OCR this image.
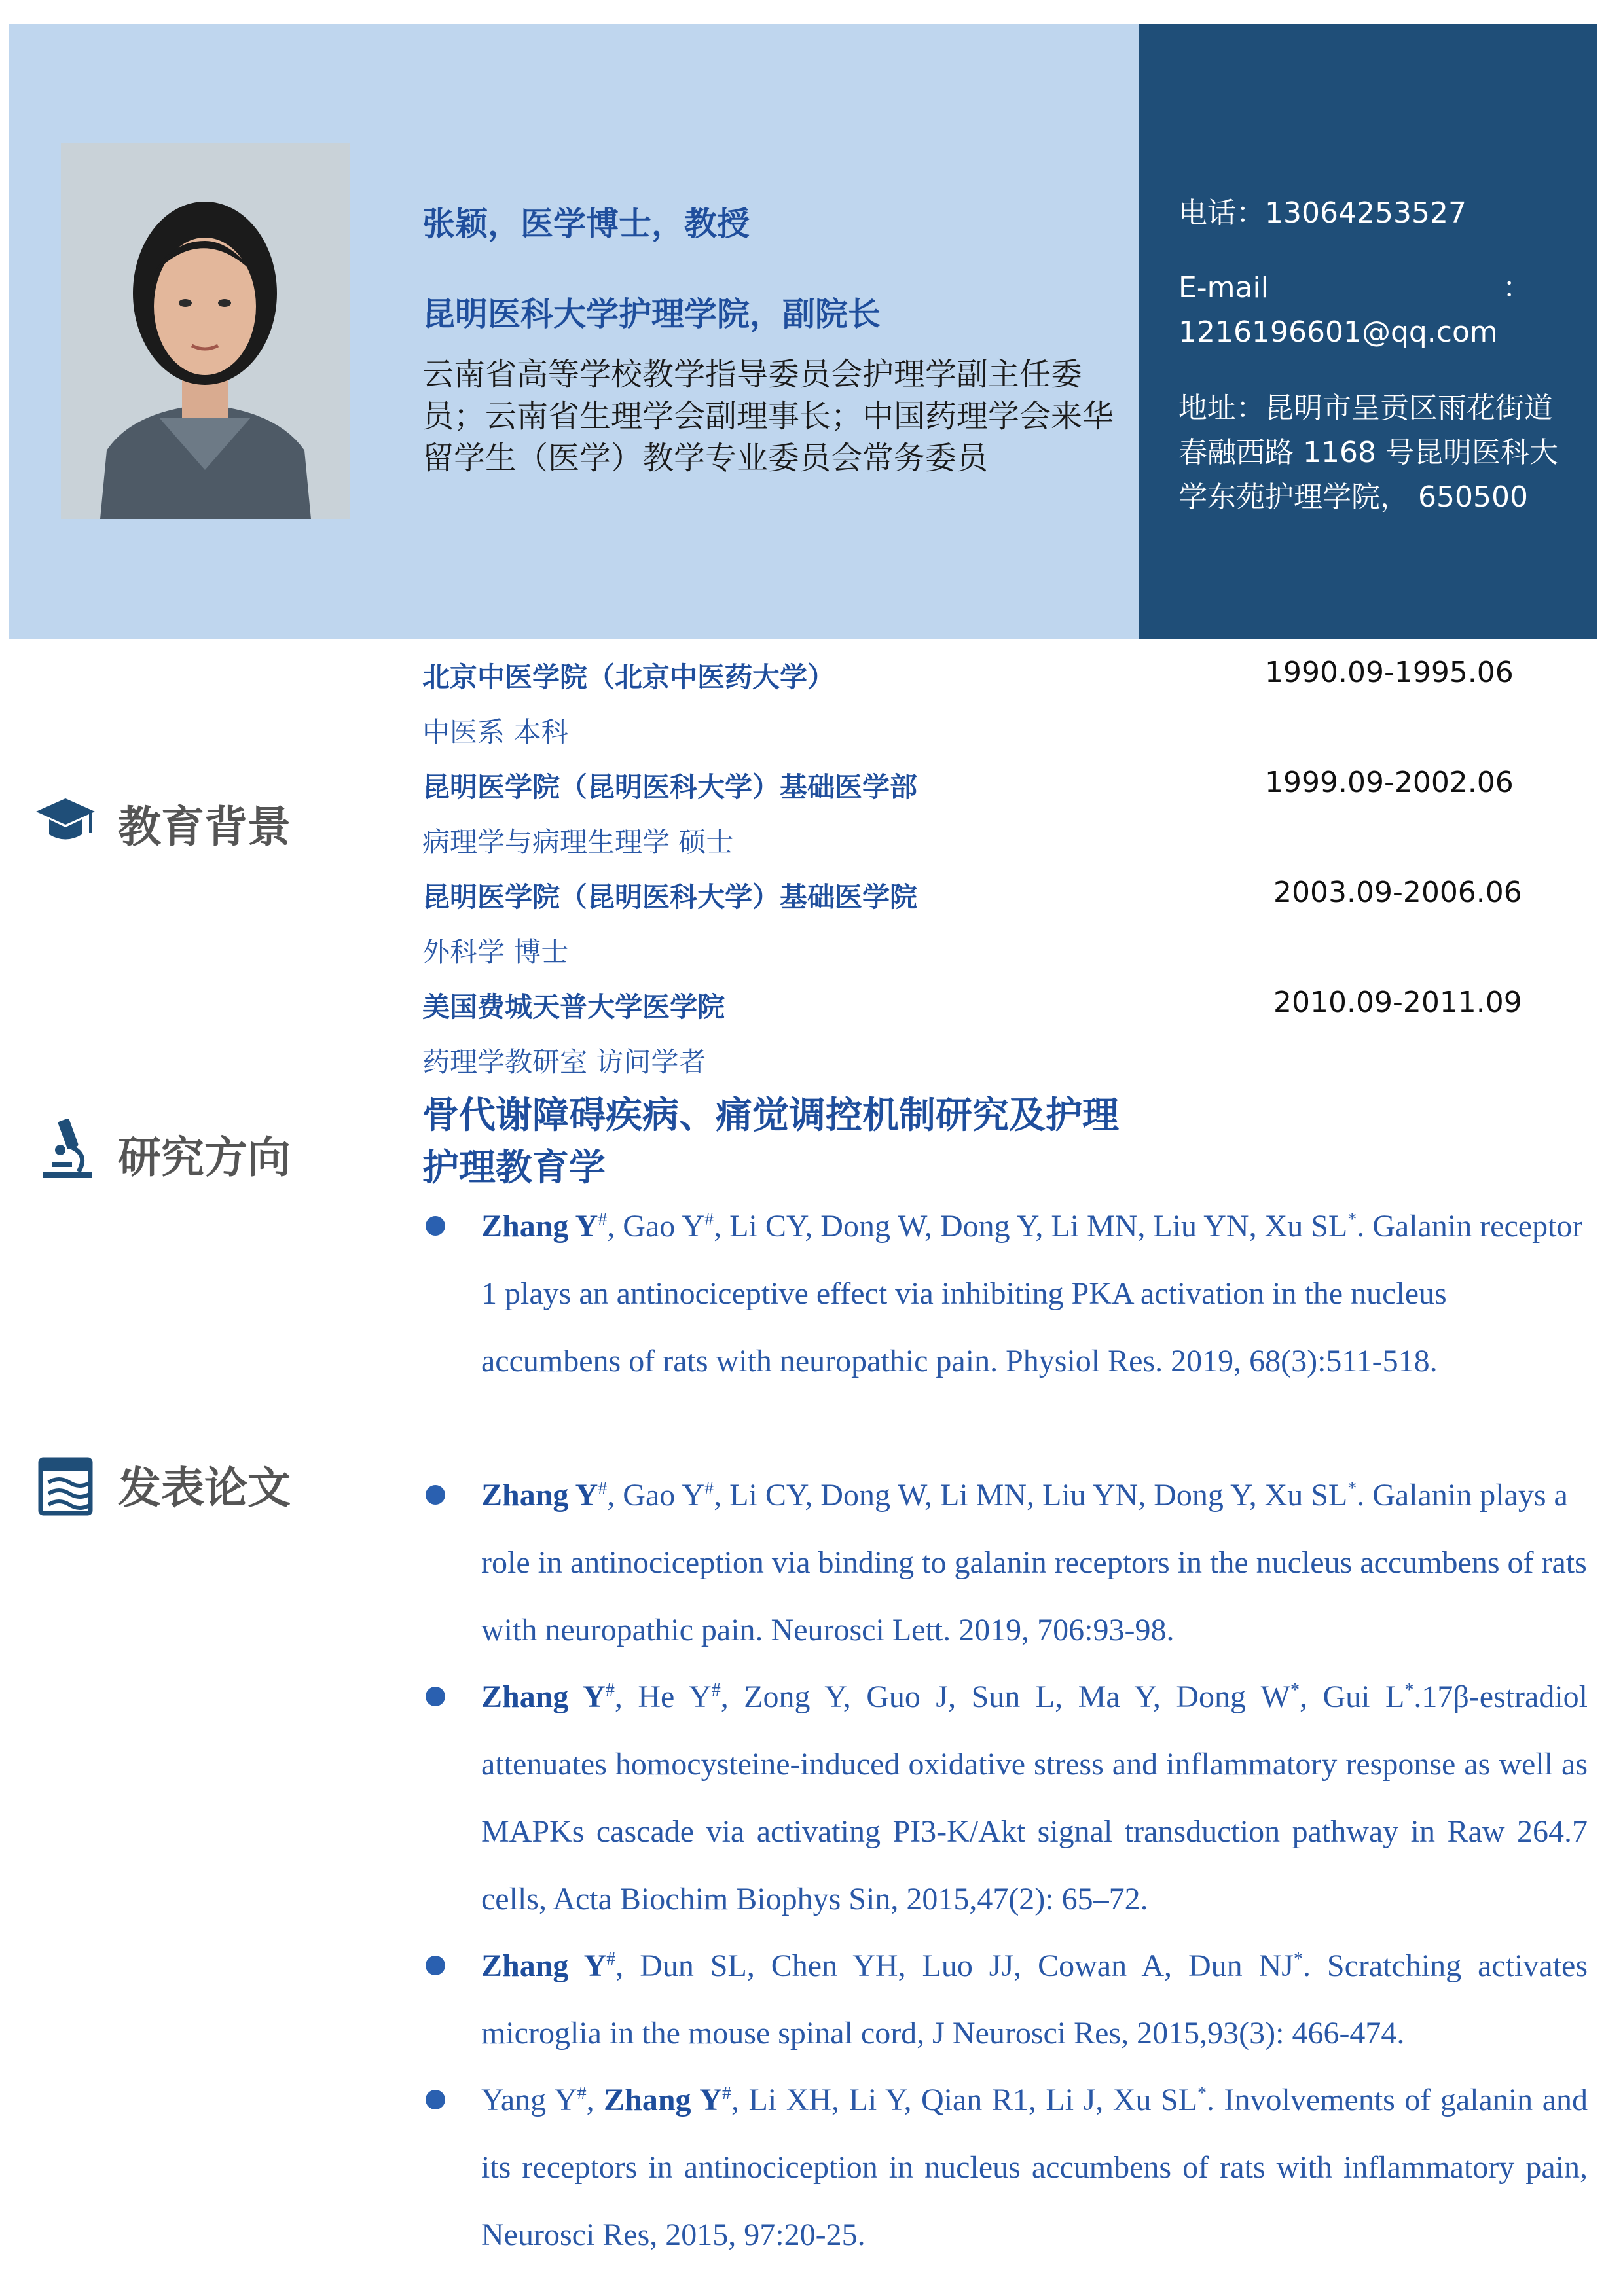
张颖，医学博士，教授
昆明医科大学护理学院，副院长
云南省高等学校教学指导委员会护理学副主任委员；云南省生理学会副理事长；中国药理学会来华留学生（医学）教学专业委员会常务委员
电话：13064253527
E-mail	：
1216196601@qq.com
地址：昆明市呈贡区雨花街道
春融西路 1168 号昆明医科大
学东苑护理学院， 650500
教育背景
研究方向
发表论文
北京中医学院（北京中医药大学）	1990.09-1995.06
中医系 本科
昆明医学院（昆明医科大学）基础医学部	1999.09-2002.06
病理学与病理生理学 硕士
昆明医学院（昆明医科大学）基础医学院	2003.09-2006.06
外科学 博士
美国费城天普大学医学院	2010.09-2011.09
药理学教研室 访问学者
骨代谢障碍疾病、痛觉调控机制研究及护理
护理教育学
Zhang Y#, Gao Y#, Li CY, Dong W, Dong Y, Li MN, Liu YN, Xu SL*. Galanin receptor 1 plays an antinociceptive effect via inhibiting PKA activation in the nucleus accumbens of rats with neuropathic pain. Physiol Res. 2019, 68(3):511-518.
Zhang Y#, Gao Y#, Li CY, Dong W, Li MN, Liu YN, Dong Y, Xu SL*. Galanin plays a role in antinociception via binding to galanin receptors in the nucleus accumbens of rats with neuropathic pain. Neurosci Lett. 2019, 706:93-98.
Zhang Y#, He Y#, Zong Y, Guo J, Sun L, Ma Y, Dong W*, Gui L*.17β-estradiol attenuates homocysteine-induced oxidative stress and inflammatory response as well as MAPKs cascade via activating PI3-K/Akt signal transduction pathway in Raw 264.7 cells, Acta Biochim Biophys Sin, 2015,47(2): 65–72.
Zhang Y#, Dun SL, Chen YH, Luo JJ, Cowan A, Dun NJ*. Scratching activates microglia in the mouse spinal cord, J Neurosci Res, 2015,93(3): 466-474.
Yang Y#, Zhang Y#, Li XH, Li Y, Qian R1, Li J, Xu SL*. Involvements of galanin and its receptors in antinociception in nucleus accumbens of rats with inflammatory pain, Neurosci Res, 2015, 97:20-25.
